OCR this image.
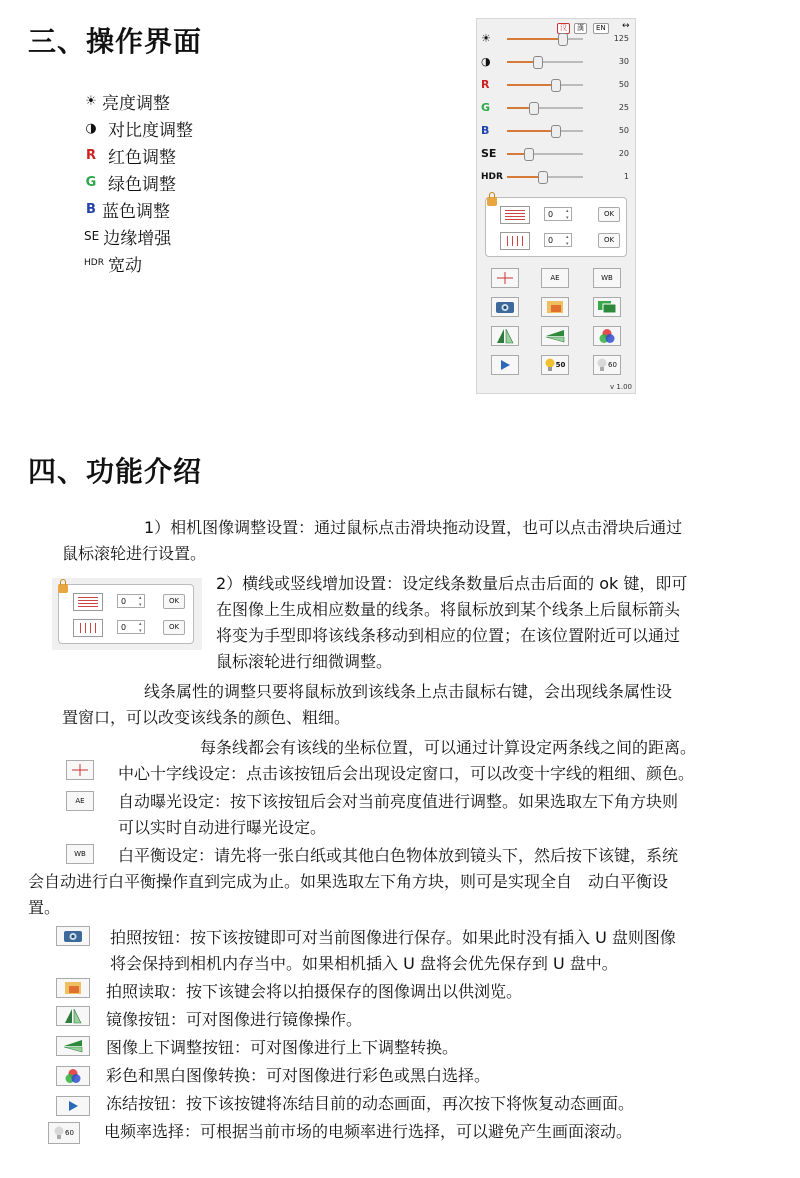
三、操作界面
☀ 亮度调整
◑ 对比度调整
R 红色调整
G 绿色调整
B 蓝色调整
SE 边缘增强
HDR 宽动
汉	漢	EN	↔
☀	125
◑	30
R	50
G	25
B	50
SE	20
HDR	1
0 ▴▾	OK
0 ▴▾	OK
AE	WB
50	60
v 1.00
四、功能介绍
1）相机图像调整设置：通过鼠标点击滑块拖动设置，也可以点击滑块后通过
鼠标滚轮进行设置。
0 ▴▾	OK
0 ▴▾	OK
2）横线或竖线增加设置：设定线条数量后点击后面的 ok 键，即可
在图像上生成相应数量的线条。将鼠标放到某个线条上后鼠标箭头
将变为手型即将该线条移动到相应的位置；在该位置附近可以通过
鼠标滚轮进行细微调整。
线条属性的调整只要将鼠标放到该线条上点击鼠标右键，会出现线条属性设
置窗口，可以改变该线条的颜色、粗细。
每条线都会有该线的坐标位置，可以通过计算设定两条线之间的距离。
中心十字线设定：点击该按钮后会出现设定窗口，可以改变十字线的粗细、颜色。
AE 自动曝光设定：按下该按钮后会对当前亮度值进行调整。如果选取左下角方块则
可以实时自动进行曝光设定。
WB 白平衡设定：请先将一张白纸或其他白色物体放到镜头下，然后按下该键，系统
会自动进行白平衡操作直到完成为止。如果选取左下角方块，则可是实现全自　动白平衡设
置。
拍照按钮：按下该按键即可对当前图像进行保存。如果此时没有插入 U 盘则图像
将会保持到相机内存当中。如果相机插入 U 盘将会优先保存到 U 盘中。
拍照读取：按下该键会将以拍摄保存的图像调出以供浏览。
镜像按钮：可对图像进行镜像操作。
图像上下调整按钮：可对图像进行上下调整转换。
彩色和黑白图像转换：可对图像进行彩色或黑白选择。
冻结按钮：按下该按键将冻结目前的动态画面，再次按下将恢复动态画面。
60 电频率选择：可根据当前市场的电频率进行选择，可以避免产生画面滚动。
